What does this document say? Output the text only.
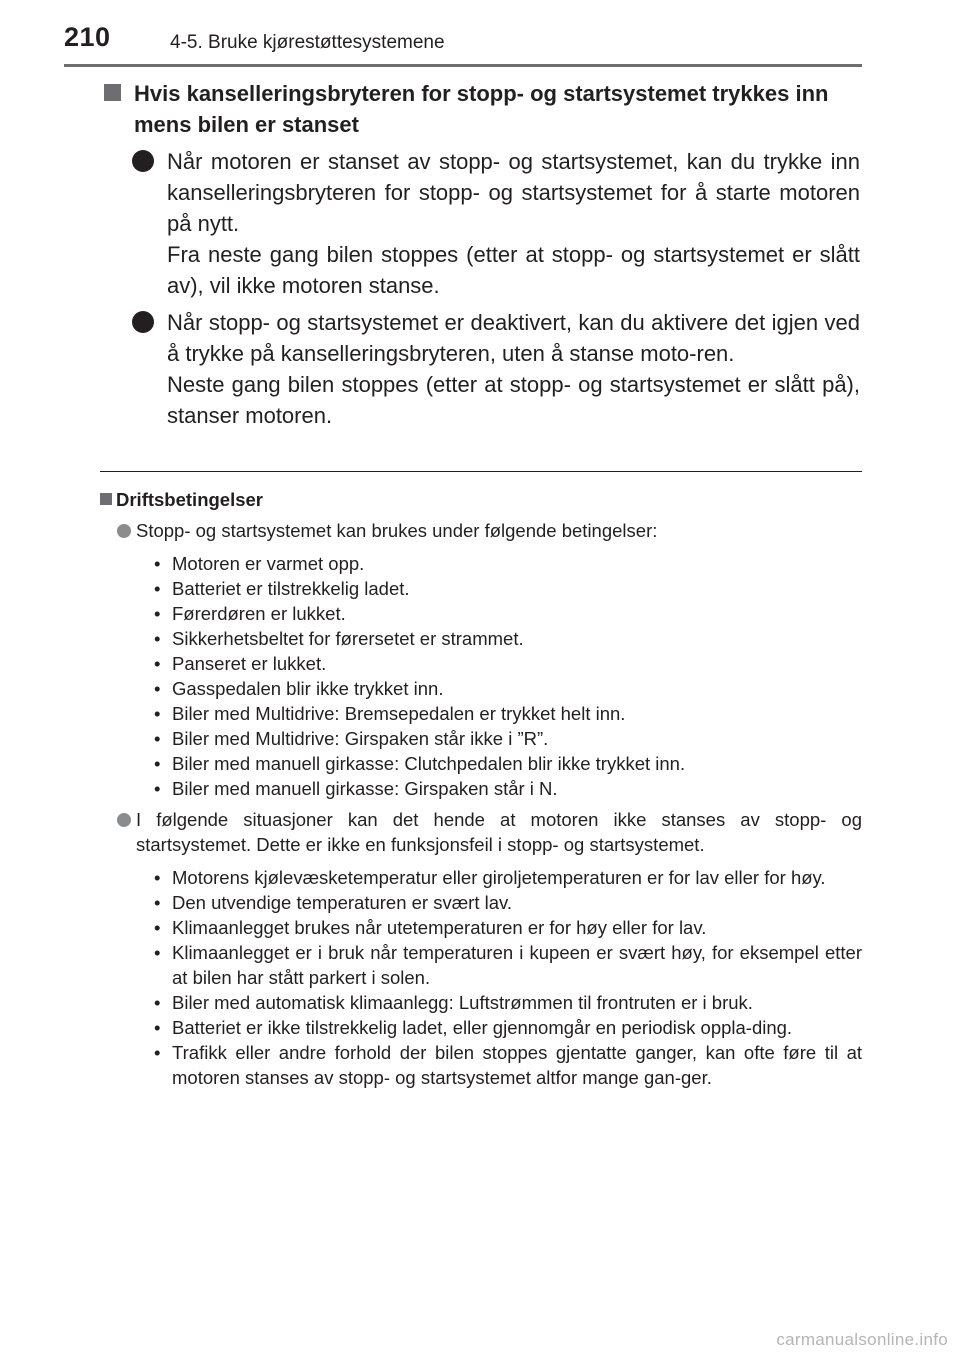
210	4-5. Bruke kjørestøttesystemene
Hvis kanselleringsbryteren for stopp- og startsystemet trykkes inn mens bilen er stanset

Når motoren er stanset av stopp- og startsystemet, kan du trykke inn kanselleringsbryteren for stopp- og startsystemet for å starte motoren på nytt.

Fra neste gang bilen stoppes (etter at stopp- og startsystemet er slått av), vil ikke motoren stanse.

Når stopp- og startsystemet er deaktivert, kan du aktivere det igjen ved å trykke på kanselleringsbryteren, uten å stanse moto-ren.

Neste gang bilen stoppes (etter at stopp- og startsystemet er slått på), stanser motoren.

Driftsbetingelser
Stopp- og startsystemet kan brukes under følgende betingelser:
• Motoren er varmet opp.
• Batteriet er tilstrekkelig ladet.
• Førerdøren er lukket.
• Sikkerhetsbeltet for førersetet er strammet.
• Panseret er lukket.
• Gasspedalen blir ikke trykket inn.
• Biler med Multidrive: Bremsepedalen er trykket helt inn.
• Biler med Multidrive: Girspaken står ikke i ”R”.
• Biler med manuell girkasse: Clutchpedalen blir ikke trykket inn.
• Biler med manuell girkasse: Girspaken står i N.
I følgende situasjoner kan det hende at motoren ikke stanses av stopp- og startsystemet. Dette er ikke en funksjonsfeil i stopp- og startsystemet.
• Motorens kjølevæsketemperatur eller giroljetemperaturen er for lav eller for høy.
• Den utvendige temperaturen er svært lav.
• Klimaanlegget brukes når utetemperaturen er for høy eller for lav.
• Klimaanlegget er i bruk når temperaturen i kupeen er svært høy, for eksempel etter at bilen har stått parkert i solen.
• Biler med automatisk klimaanlegg: Luftstrømmen til frontruten er i bruk.
• Batteriet er ikke tilstrekkelig ladet, eller gjennomgår en periodisk oppla-ding.
• Trafikk eller andre forhold der bilen stoppes gjentatte ganger, kan ofte føre til at motoren stanses av stopp- og startsystemet altfor mange gan-ger.
carmanualsonline.info
